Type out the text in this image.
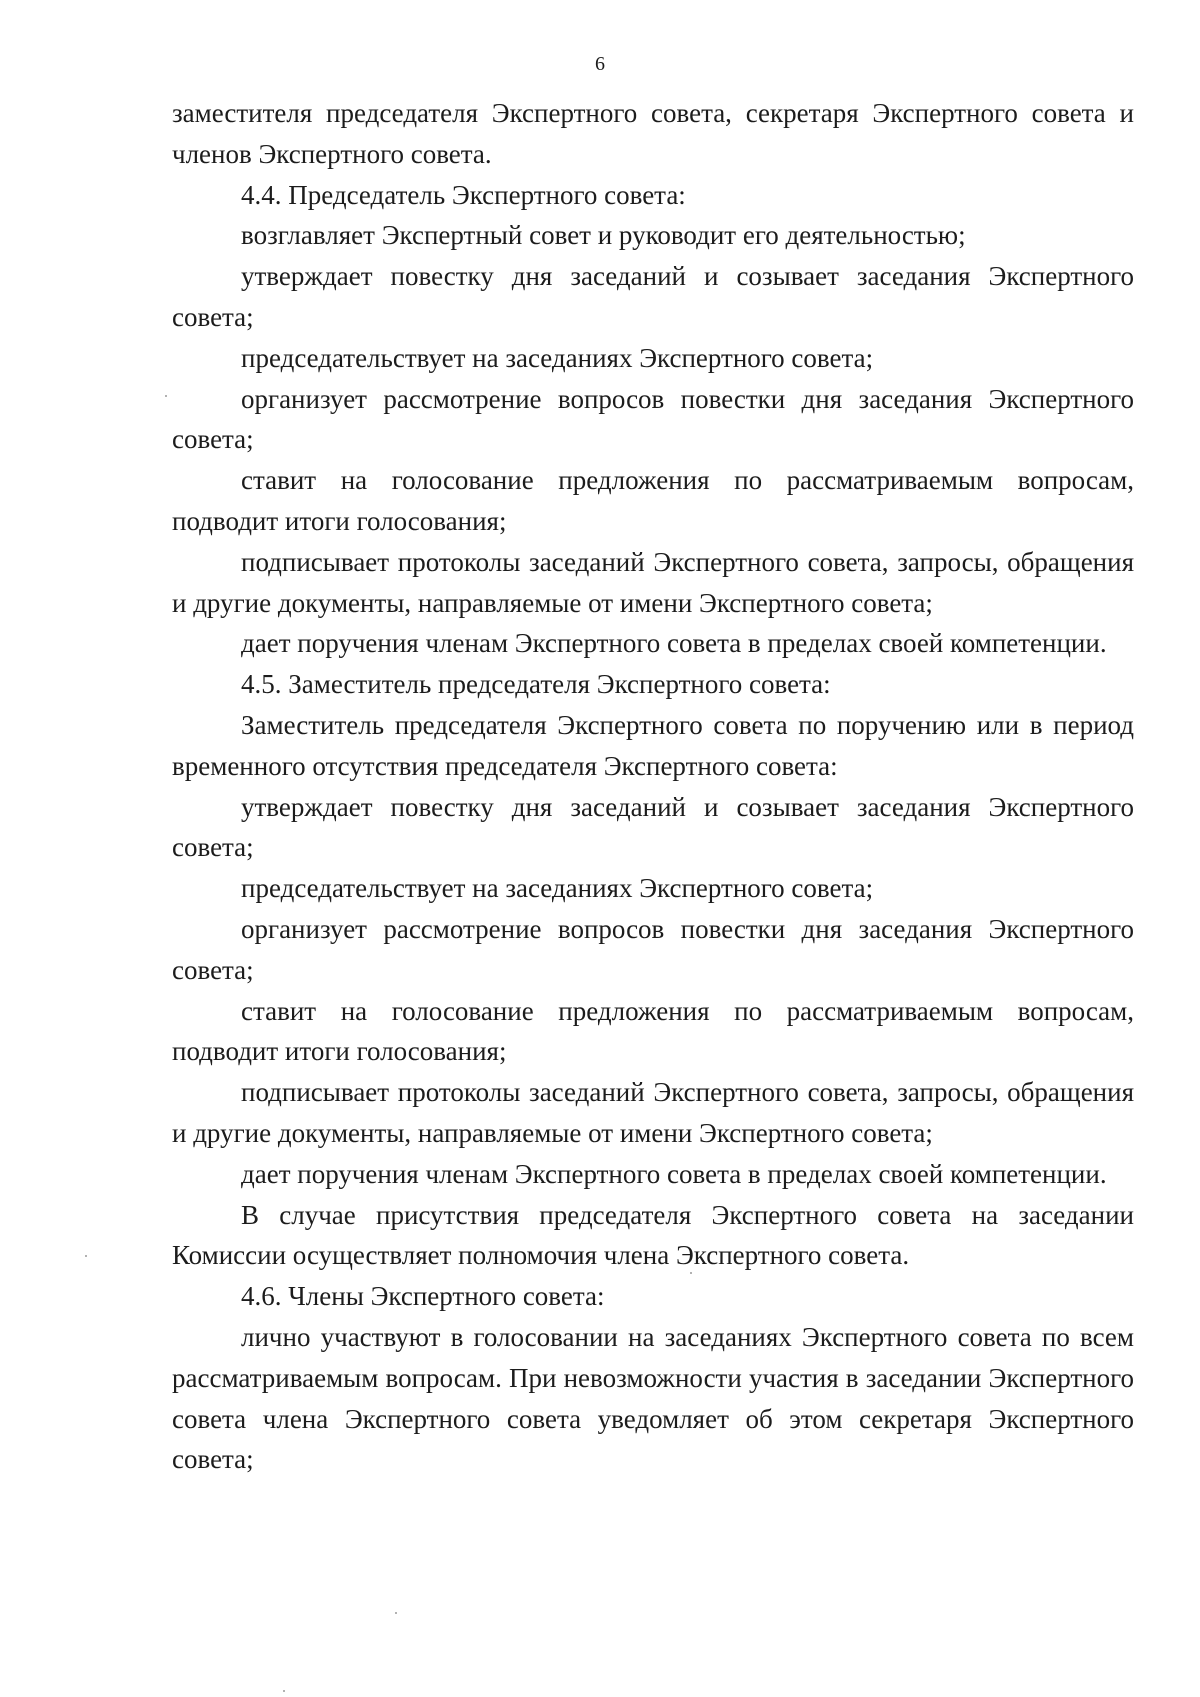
6

заместителя председателя Экспертного совета, секретаря Экспертного совета и членов Экспертного совета.

4.4. Председатель Экспертного совета:

возглавляет Экспертный совет и руководит его деятельностью;

утверждает повестку дня заседаний и созывает заседания Экспертного совета;

председательствует на заседаниях Экспертного совета;

организует рассмотрение вопросов повестки дня заседания Экспертного совета;

ставит на голосование предложения по рассматриваемым вопросам, подводит итоги голосования;

подписывает протоколы заседаний Экспертного совета, запросы, обращения и другие документы, направляемые от имени Экспертного совета;

дает поручения членам Экспертного совета в пределах своей компетенции.

4.5. Заместитель председателя Экспертного совета:

Заместитель председателя Экспертного совета по поручению или в период временного отсутствия председателя Экспертного совета:

утверждает повестку дня заседаний и созывает заседания Экспертного совета;

председательствует на заседаниях Экспертного совета;

организует рассмотрение вопросов повестки дня заседания Экспертного совета;

ставит на голосование предложения по рассматриваемым вопросам, подводит итоги голосования;

подписывает протоколы заседаний Экспертного совета, запросы, обращения и другие документы, направляемые от имени Экспертного совета;

дает поручения членам Экспертного совета в пределах своей компетенции.

В случае присутствия председателя Экспертного совета на заседании Комиссии осуществляет полномочия члена Экспертного совета.

4.6. Члены Экспертного совета:

лично участвуют в голосовании на заседаниях Экспертного совета по всем рассматриваемым вопросам. При невозможности участия в заседании Экспертного совета члена Экспертного совета уведомляет об этом секретаря Экспертного совета;
